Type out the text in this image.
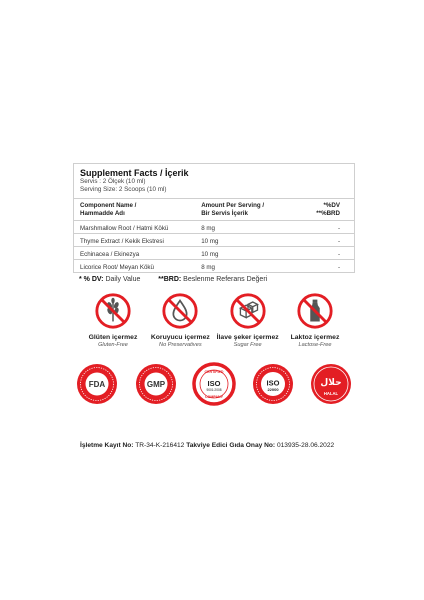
Supplement Facts / İçerik
Servis : 2 Ölçek (10 ml)
Serving Size: 2 Scoops (10 ml)
Component Name /
Hammadde Adı	Amount Per Serving /
Bir Servis İçerik	*%DV
**%BRD
Marshmallow Root / Hatmi Kökü	8 mg	-
Thyme Extract / Kekik Ekstresi	10 mg	-
Echinacea / Ekinezya	10 mg	-
Licorice Root/ Meyan Kökü	8 mg	-
* % DV: Daily Value	**BRD: Beslenme Referans Değeri
Glüten içermez
Gluten-Free
Koruyucu içermez
No Preservatives
İlave şeker içermez
Sugar Free
Laktoz içermez
Lactose-Free
FDA	GMP
CERTIFIED
ISO
9001:2008
COMPANY
ISO
22000
حلال
HALAL
İşletme Kayıt No: TR-34-K-216412 Takviye Edici Gıda Onay No: 013935-28.06.2022
